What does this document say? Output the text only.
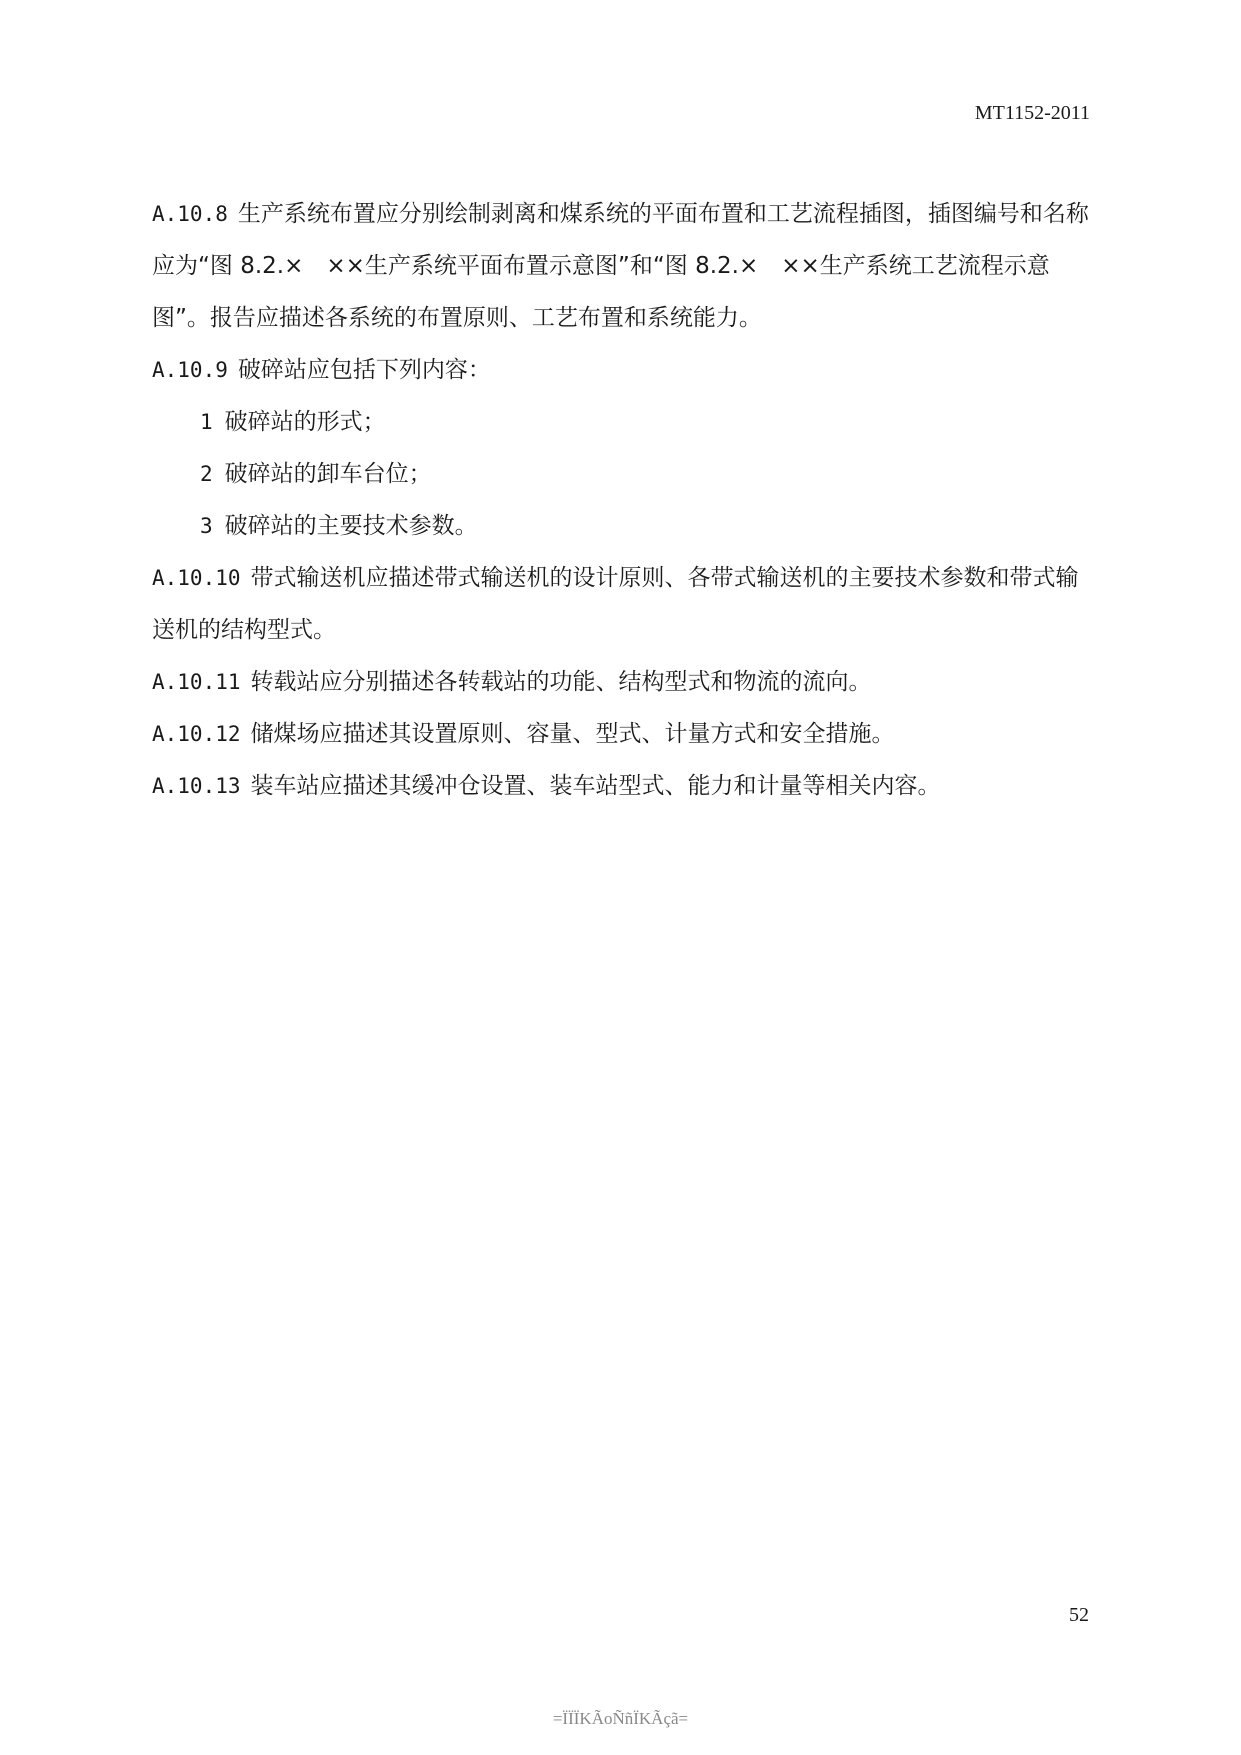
MT1152-2011

A.10.8 生产系统布置应分别绘制剥离和煤系统的平面布置和工艺流程插图，插图编号和名称应为“图 8.2.×　××生产系统平面布置示意图”和“图 8.2.×　××生产系统工艺流程示意图”。报告应描述各系统的布置原则、工艺布置和系统能力。

A.10.9 破碎站应包括下列内容：

1 破碎站的形式；

2 破碎站的卸车台位；

3 破碎站的主要技术参数。

A.10.10 带式输送机应描述带式输送机的设计原则、各带式输送机的主要技术参数和带式输送机的结构型式。

A.10.11 转载站应分别描述各转载站的功能、结构型式和物流的流向。

A.10.12 储煤场应描述其设置原则、容量、型式、计量方式和安全措施。

A.10.13 装车站应描述其缓冲仓设置、装车站型式、能力和计量等相关内容。

52
=ÏÏÏKÃoÑñÏKÃçã=
